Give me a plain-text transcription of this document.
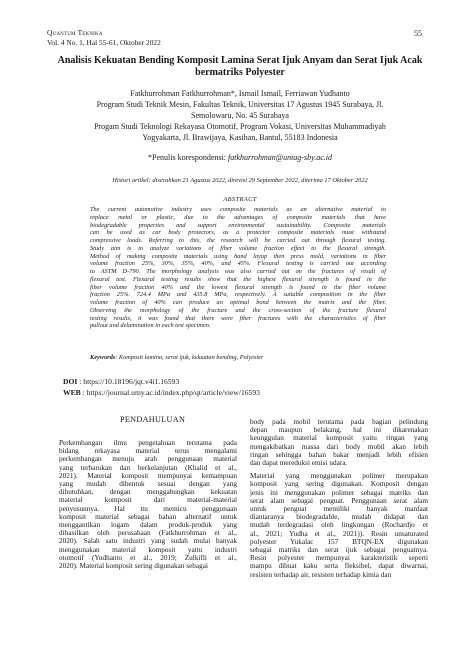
Quantum Teknika
Vol. 4 No. 1, Hal 55-61, Oktober 2022
55
Analisis Kekuatan Bending Komposit Lamina Serat Ijuk Anyam dan Serat Ijuk Acak
bermatriks Polyester
Fatkhurrohman Fatkhurrohman*, Ismail Ismail, Ferriawan Yudhanto
Program Studi Teknik Mesin, Fakultas Teknik, Universitas 17 Agustus 1945 Surabaya, Jl.
Semolowaru, No. 45 Surabaya
Progam Studi Teknologi Rekayasa Otomotif, Program Vokasi, Universitas Muhammadiyah
Yogyakarta, Jl. Brawijaya, Kasihan, Bantul, 55183 Indonesia
*Penulis korespondensi: fatkhurrohman@untag-sby.ac.id
Histori artikel: diserahkan 21 Agustus 2022, direvisi 29 September 2022, diterima 17 Oktober 2022
ABSTRACT
The current automotive industry uses composite materials as an alternative material to
replace metal or plastic, due to the advantages of composite materials that have
biodegradable properties and support environmental sustainability. Composite materials
can be used as car body protectors, as a protector composite materials must withstand
compressive loads. Referring to this, the research will be carried out through flexural testing.
Study aim is to analyze variations of fiber volume fraction effect to the flexural strength.
Method of making composite materials using hand layup then press mold, variations in fiber
volume fraction 25%, 30%, 35%, 40%, and 45%. Flexural testing is carried out according
to ASTM D-790. The morphology analysis was also carried out on the fractures of result of
flexural test. Flexural testing results show that the highest flexural strength is found in the
fiber volume fraction 40% and the lowest flexural strength is found in the fiber volume
fraction 25%. 724.4 MPa and 435.8 MPa, respectively. A suitable composition in the fiber
volume fraction of 40% can produce an optimal bond between the matrix and the fiber.
Observing the morphology of the fracture and the cross-section of the fracture flexural
testing results, it was found that there were fiber fractures with the characteristics of fiber
pullout and delamination in each test specimen.
Keywords: Komposit lamina, serat ijuk, kekuatan bending, Polyester
DOI : https://10.18196/jqt.v4i1.16593
WEB : https://journal.umy.ac.id/index.php/qt/article/view/16593
PENDAHULUAN
Perkembangan ilmu pengetahuan terutama pada
bidang rekayasa material terus mengalami
perkembangan menuju arah penggunaan material
yang terbarukan dan berkelanjutan (Khalid et al.,
2021). Material komposit mempunyai kemampuan
yang mudah dibentuk sesuai dengan yang
dibutuhkan, dengan menggabungkan kekuatan
material komposit dari material-material
penyusunnya. Hal itu memicu penggunaan
komposit material sebagai bahan alternatif untuk
menggantikan logam dalam produk-produk yang
dihasilkan oleh perusahaan (Fatkhurrohman et al.,
2020). Salah satu industri yang sudah mulai banyak
menggunakan material komposit yaitu industri
otomotif (Yudhanto et al., 2019; Zulkifli et al.,
2020). Material komposit sering digunakan sebagai
body pada mobil terutama pada bagian pelindung
depan maupun belakang, hal ini dikarenakan
keunggulan material komposit yaitu ringan yang
mengakibatkan massa dari body mobil akan lebih
ringan sehingga bahan bakar menjadi lebih efisien
dan dapat mereduksi emisi udara.
Material yang menggunakan polimer merupakan
komposit yang sering digunakan. Komposit dengan
jenis ini menggunakan polimer sebagai matriks dan
serat alam sebagai penguat. Penggunaan serat alam
untuk penguat memiliki banyak manfaat
diantaranya biodegradable, mudah didapat dan
mudah terdegradasi oleh lingkungan (Rochardjo et
al., 2021; Yudha et al., 2021)). Resin unsaturated
polyester Yukalac 157 BTQN-EX digunakan
sebagai matriks dan serat ijuk sebagai penguatnya.
Resin polyester mempunyai karakteristik seperti
mampu dibuat kaku serta fleksibel, dapat diwarnai,
resisten terhadap air, resisten terhadap kimia dan
